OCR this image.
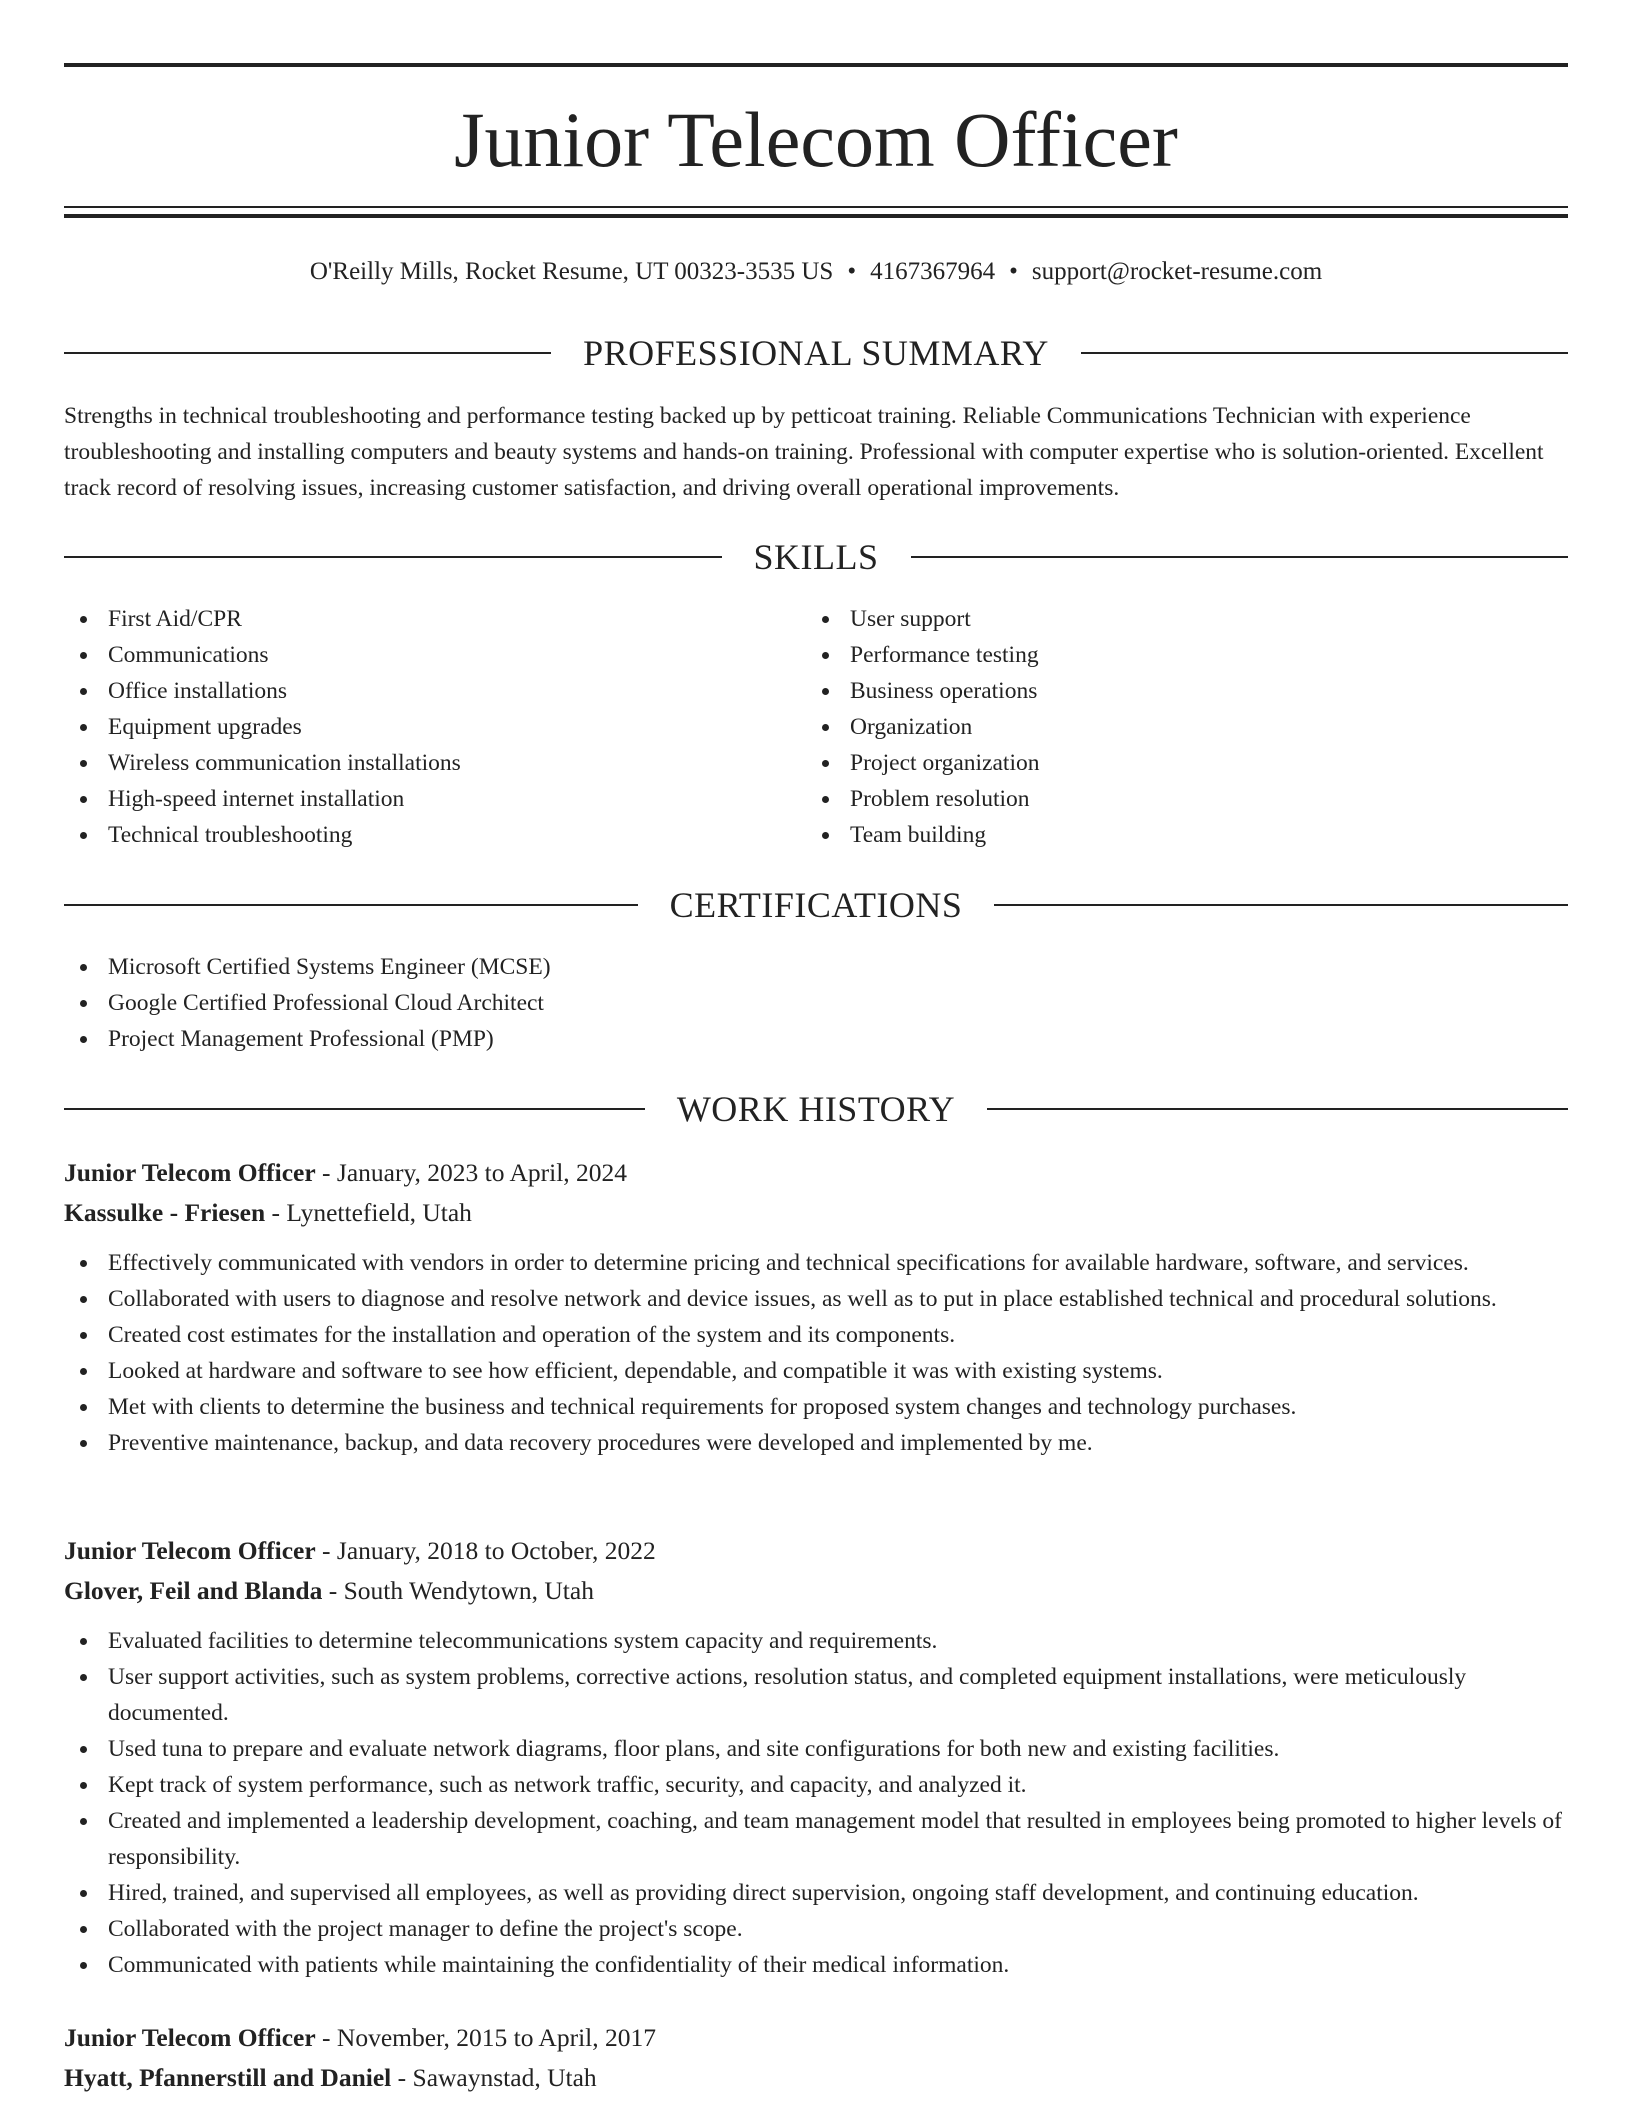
Junior Telecom Officer
O'Reilly Mills, Rocket Resume, UT 00323-3535 US • 4167367964 • support@rocket-resume.com
PROFESSIONAL SUMMARY

Strengths in technical troubleshooting and performance testing backed up by petticoat training. Reliable Communications Technician with experience troubleshooting and installing computers and beauty systems and hands-on training. Professional with computer expertise who is solution-oriented. Excellent track record of resolving issues, increasing customer satisfaction, and driving overall operational improvements.

SKILLS
First Aid/CPR
Communications
Office installations
Equipment upgrades
Wireless communication installations
High-speed internet installation
Technical troubleshooting
User support
Performance testing
Business operations
Organization
Project organization
Problem resolution
Team building
CERTIFICATIONS
Microsoft Certified Systems Engineer (MCSE)
Google Certified Professional Cloud Architect
Project Management Professional (PMP)
WORK HISTORY
Junior Telecom Officer - January, 2023 to April, 2024
Kassulke - Friesen - Lynettefield, Utah
Effectively communicated with vendors in order to determine pricing and technical specifications for available hardware, software, and services.
Collaborated with users to diagnose and resolve network and device issues, as well as to put in place established technical and procedural solutions.
Created cost estimates for the installation and operation of the system and its components.
Looked at hardware and software to see how efficient, dependable, and compatible it was with existing systems.
Met with clients to determine the business and technical requirements for proposed system changes and technology purchases.
Preventive maintenance, backup, and data recovery procedures were developed and implemented by me.
Junior Telecom Officer - January, 2018 to October, 2022
Glover, Feil and Blanda - South Wendytown, Utah
Evaluated facilities to determine telecommunications system capacity and requirements.
User support activities, such as system problems, corrective actions, resolution status, and completed equipment installations, were meticulously documented.
Used tuna to prepare and evaluate network diagrams, floor plans, and site configurations for both new and existing facilities.
Kept track of system performance, such as network traffic, security, and capacity, and analyzed it.
Created and implemented a leadership development, coaching, and team management model that resulted in employees being promoted to higher levels of responsibility.
Hired, trained, and supervised all employees, as well as providing direct supervision, ongoing staff development, and continuing education.
Collaborated with the project manager to define the project's scope.
Communicated with patients while maintaining the confidentiality of their medical information.
Junior Telecom Officer - November, 2015 to April, 2017
Hyatt, Pfannerstill and Daniel - Sawaynstad, Utah
